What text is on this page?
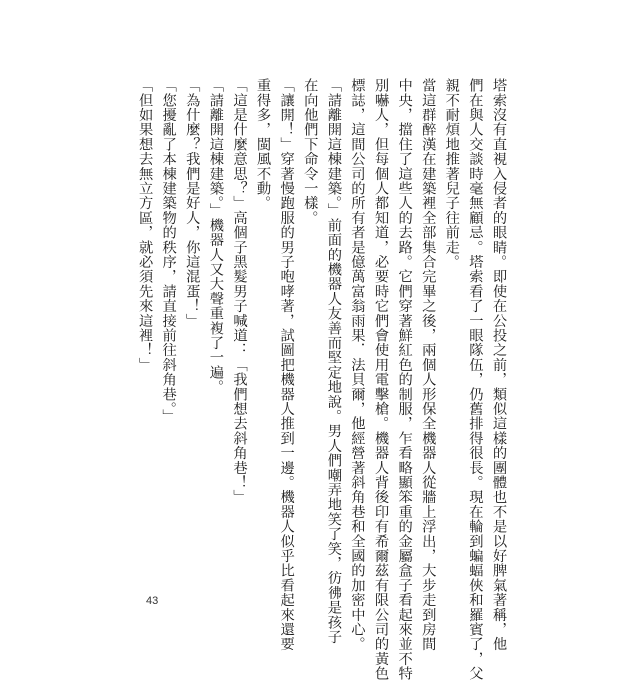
塔索沒有直視入侵者的眼睛。即使在公投之前，類似這樣的團體也不是以好脾氣著稱，他
們在與人交談時毫無顧忌。塔索看了一眼隊伍，仍舊排得很長。現在輪到蝙蝠俠和羅賓了，父
親不耐煩地推著兒子往前走。
當這群醉漢在建築裡全部集合完畢之後，兩個人形保全機器人從牆上浮出，大步走到房間
中央，擋住了這些人的去路。它們穿著鮮紅色的制服，乍看略顯笨重的金屬盒子看起來並不特
別嚇人，但每個人都知道，必要時它們會使用電擊槍。機器人背後印有希爾茲有限公司的黃色
標誌，這間公司的所有者是億萬富翁雨果．法貝爾，他經營著斜角巷和全國的加密中心。
「請離開這棟建築。」前面的機器人友善而堅定地說。男人們嘲弄地笑了笑，彷彿是孩子
在向他們下命令一樣。
「讓開！」穿著慢跑服的男子咆哮著，試圖把機器人推到一邊。機器人似乎比看起來還要
重得多，閩風不動。
「這是什麼意思？」高個子黑髮男子喊道：「我們想去斜角巷！」
「請離開這棟建築。」機器人又大聲重複了一遍。
「為什麼？我們是好人，你這混蛋！」
「您擾亂了本棟建築物的秩序，請直接前往斜角巷。」
「但如果想去無立方區，就必須先來這裡！」
43
